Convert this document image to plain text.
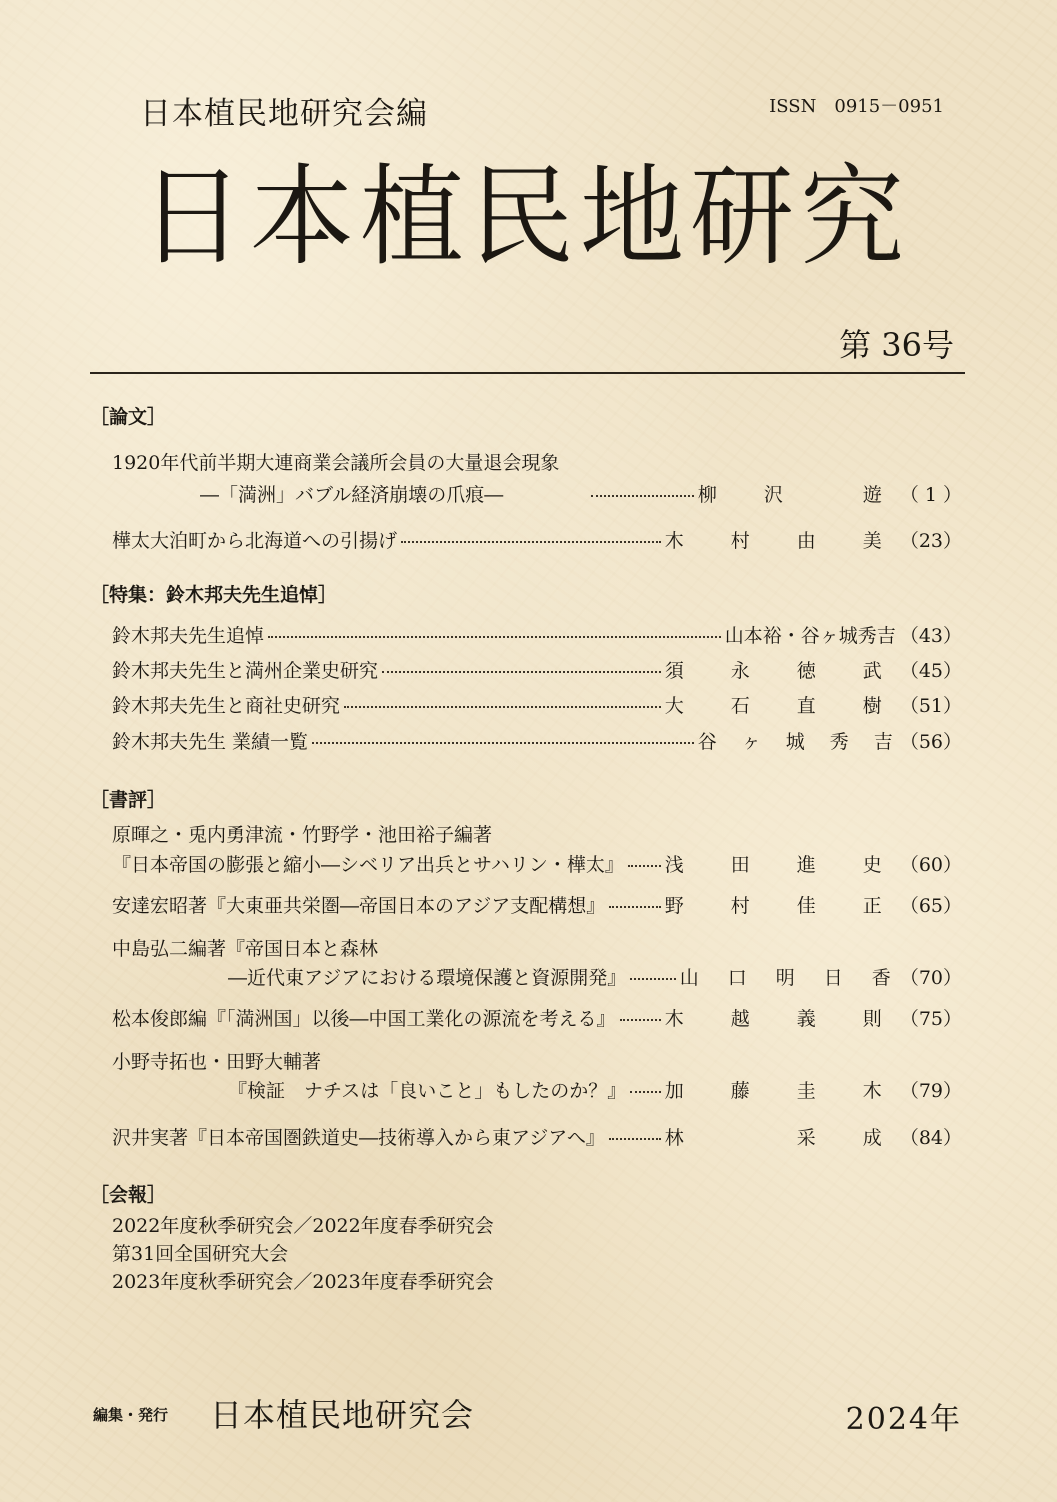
日本植民地研究会編	ISSN　0915－0951
日本植民地研究
第 36号
［論文］
1920年代前半期大連商業会議所会員の大量退会現象
―「満洲」バブル経済崩壊の爪痕―	柳　沢　　遊 （ 1 ）
樺太大泊町から北海道への引揚げ	木　村　由　美 （23）
［特集：鈴木邦夫先生追悼］
鈴木邦夫先生追悼	山本裕・谷ヶ城秀吉 （43）
鈴木邦夫先生と満州企業史研究	須　永　徳　武 （45）
鈴木邦夫先生と商社史研究	大　石　直　樹 （51）
鈴木邦夫先生 業績一覧	谷　ヶ　城　秀　吉 （56）
［書評］
原暉之・兎内勇津流・竹野学・池田裕子編著
『日本帝国の膨張と縮小―シベリア出兵とサハリン・樺太』 浅　田　進　史 （60）
安達宏昭著『大東亜共栄圏―帝国日本のアジア支配構想』	野　村　佳　正 （65）
中島弘二編著『帝国日本と森林
―近代東アジアにおける環境保護と資源開発』	山　口　明　日　香 （70）
松本俊郎編『「満洲国」以後―中国工業化の源流を考える』	木　越　義　則 （75）
小野寺拓也・田野大輔著
『検証　ナチスは「良いこと」もしたのか？』 加　藤　圭　木 （79）
沢井実著『日本帝国圏鉄道史―技術導入から東アジアへ』	林　　　采　成 （84）
［会報］
2022年度秋季研究会／2022年度春季研究会
第31回全国研究大会
2023年度秋季研究会／2023年度春季研究会
編集・発行 日本植民地研究会	2024年
